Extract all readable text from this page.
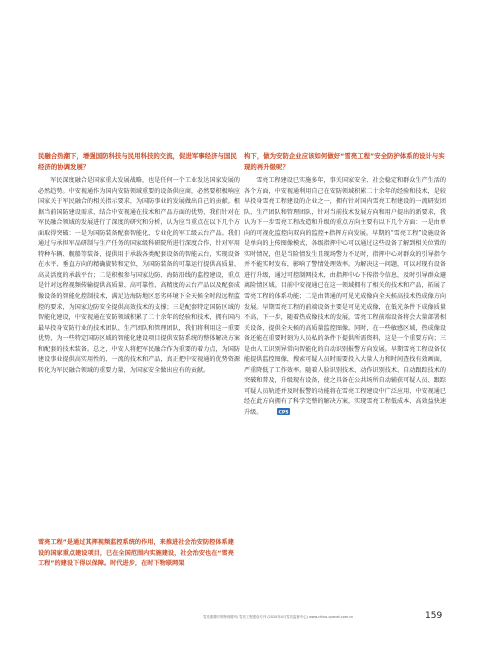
民融合热潮下，增强国防科技与民用科技的交流，促进军事经济与国民经济的协调发展？
军民深度融合是国家重大发展战略，也是任何一个工业发达国家发展的必然趋势。中安视通作为国内安防领域重要的设备供应商，必然要积极响应国家关于军民融合的相关指示要求，为国防事业的发展做出自己的贡献。根据当前国防建设需求，结合中安视通在技术和产品方面的优势，我们针对在军民融合领域的发展进行了深度的研究和分析，认为应当重点在以下几个方面取得突破：一是为国防装备配套智能化、专业化的军工级云台产品。我们通过与承担军品研制与生产任务的国家级科研院所进行深度合作，针对军用特种车辆、舰船等装备，提供用于承载各类配套设备的智能云台，实现设备在水平、垂直方向的精确旋转和定位，为国防装备的可靠运行提供高质量、高灵活度的承载平台；二是积极参与国家边防、海防沿线的监控建设，重点是针对远程视频传输提供高质量、高可靠性、高精度的云台产品以及配套成像设备的智能化控制技术，满足边海防地区恶劣环境下全天候全时段远程监控的要求，为国家边防安全提供高效技术的支撑；三是配套特定国防区域的智能化建设，中安视通在安防领域积累了二十余年的经验和技术，拥有国内最早投身安防行业的技术团队、生产团队和管理团队，我们将利用这一重要优势，为一些特定国防区域的智能化建设项目提供安防系统的整体解决方案和配套的技术装备。总之，中安人将把军民融合作为重要的着力点，为国防建设事业提供高实用性的、一流的技术和产品，真正把中安视通的优势资源转化为军民融合领域的重要力量，为国家安全做出应有的贡献。
雪亮工程”是通过其挥视频监控系统的作用，来推进社会治安防控体系建设的国家重点建设项目，已在全国范围内实施建设，社会治安也在“雪亮工程”的建设下得以保障。时代进步，在时下物联网架
构下，做为安防企业应该如何做好“雪亮工程”安全防护体系的设计与实现的再升级呢？
雪亮工程建设已实施多年，事关国家安全、社会稳定和群众生产生活的各个方面，中安视通利用自己在安防领域积累二十余年的经验和技术，是较早投身雪亮工程建设的企业之一，拥有针对国内雪亮工程建设的一流研发团队、生产团队和管理团队，针对当前技术发展方向和用户提出的新要求，我认为下一步雪亮工程改造和升级的重点方向主要有以下几个方面：一是由单向的可视化监控向双向的监控+指挥方向发展。早期的“雪亮工程”设施设备是单向的上传图像模式，各级指挥中心可以通过这些设备了解到相关位置的实时情况，但是当险情发生且现场警力不足时，指挥中心对群众的引导指令并不能实时发布，影响了警情处理效率。为解决这一问题，可以对现有设备进行升级，通过可控制网技术，由指挥中心下传指令信息，及时引导群众避离险情区域。目前中安视通已在这一领域拥有了相关的技术和产品，拓展了雪亮工程的体系功能；二是由普通的可见光成像向全天候高技术热成像方向发展。早期雪亮工程的前端设备主要是可见光成像，在低光条件下成像质量不高，下一步，随着热成像技术的发展，雪亮工程前端设备将会大量部署相关设备，提供全天候的高质量监控图像。同时，在一些敏感区域，热成像设备还能在重要时刻为人员私的条件下提供所需资料，这是一个重要方向；三是由人工识别异常向智能化的自动识别报警方向发展。早期雪亮工程设备仅能提供监控图像，搜索可疑人员时需要投入大量人力和时间查找有效画面，严重降低了工作效率。随着人脸识别技术、动作识别技术、自动跟踪技术的突破和普及，升级现有设备，使之具备在公共场所自动辅获可疑人员、跟踪可疑人员轨迹并及时报警的功能将在雪亮工程建设中广泛应用，中安视通已经在此方向拥有了科学完整的解决方案，实现雪亮工程低成本、高效益快速升级。	CPS
雪亮重要时刻特别增刊/ 雪亮工程建设专刊 (2020年4月雪亮监督中心) www.china-cpsnet.com.cn	159
